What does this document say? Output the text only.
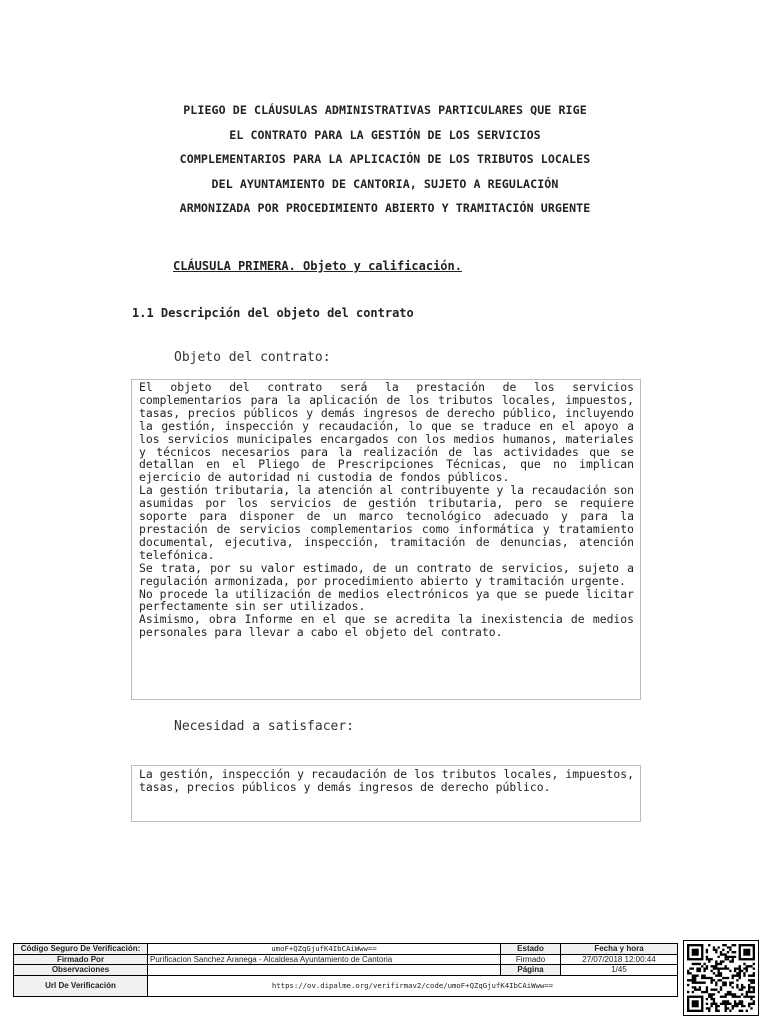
PLIEGO DE CLÁUSULAS ADMINISTRATIVAS PARTICULARES QUE RIGE
EL CONTRATO PARA LA GESTIÓN DE LOS SERVICIOS
COMPLEMENTARIOS PARA LA APLICACIÓN DE LOS TRIBUTOS LOCALES
DEL AYUNTAMIENTO DE CANTORIA, SUJETO A REGULACIÓN
ARMONIZADA POR PROCEDIMIENTO ABIERTO Y TRAMITACIÓN URGENTE
CLÁUSULA PRIMERA. Objeto y calificación.
1.1 Descripción del objeto del contrato
Objeto del contrato:

El objeto del contrato será la prestación de los servicios complementarios para la aplicación de los tributos locales, impuestos, tasas, precios públicos y demás ingresos de derecho público, incluyendo la gestión, inspección y recaudación, lo que se traduce en el apoyo a los servicios municipales encargados con los medios humanos, materiales y técnicos necesarios para la realización de las actividades que se detallan en el Pliego de Prescripciones Técnicas, que no implican ejercicio de autoridad ni custodia de fondos públicos.

La gestión tributaria, la atención al contribuyente y la recaudación son asumidas por los servicios de gestión tributaria, pero se requiere soporte para disponer de un marco tecnológico adecuado y para la prestación de servicios complementarios como informática y tratamiento documental, ejecutiva, inspección, tramitación de denuncias, atención telefónica.

Se trata, por su valor estimado, de un contrato de servicios, sujeto a regulación armonizada, por procedimiento abierto y tramitación urgente.

No procede la utilización de medios electrónicos ya que se puede licitar perfectamente sin ser utilizados.

Asimismo, obra Informe en el que se acredita la inexistencia de medios personales para llevar a cabo el objeto del contrato.

Necesidad a satisfacer:

La gestión, inspección y recaudación de los tributos locales, impuestos, tasas, precios públicos y demás ingresos de derecho público.

Código Seguro De Verificación:	umoF+QZqGjufK4IbCAiWww==	Estado	Fecha y hora
Firmado Por	Purificacion Sanchez Aranega - Alcaldesa Ayuntamiento de Cantoria	Firmado	27/07/2018 12:00:44
Observaciones		Página	1/45
Url De Verificación	https://ov.dipalme.org/verifirmav2/code/umoF+QZqGjufK4IbCAiWww==		
